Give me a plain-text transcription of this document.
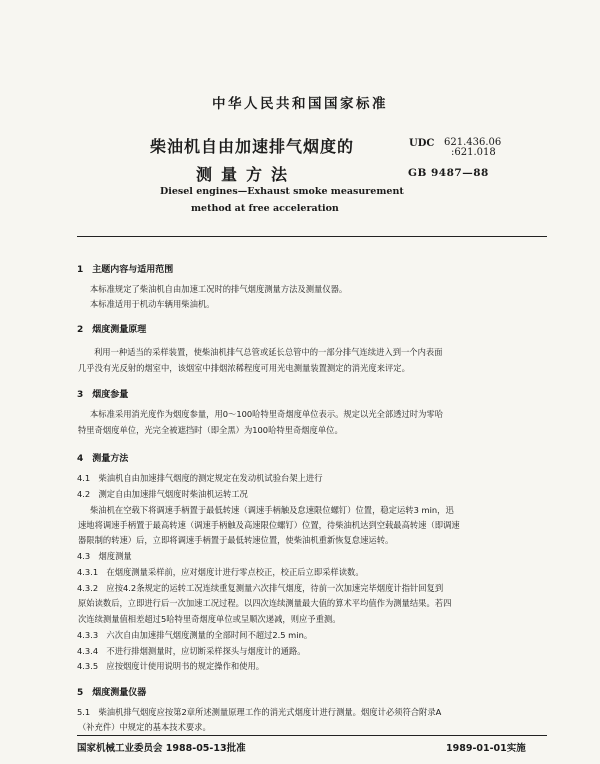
中华人民共和国国家标准
柴油机自由加速排气烟度的
测量方法
UDC 621.436.06
:621.018
GB 9487—88
Diesel engines—Exhaust smoke measurement
method at free acceleration
1　主题内容与适用范围
本标准规定了柴油机自由加速工况时的排气烟度测量方法及测量仪器。
本标准适用于机动车辆用柴油机。
2　烟度测量原理
利用一种适当的采样装置，使柴油机排气总管或延长总管中的一部分排气连续进入到一个内表面
几乎没有光反射的烟室中，该烟室中排烟浓稀程度可用光电测量装置测定的消光度来评定。
3　烟度参量
本标准采用消光度作为烟度参量，用0～100哈特里奇烟度单位表示。规定以光全部透过时为零哈
特里奇烟度单位，光完全被遮挡时（即全黑）为100哈特里奇烟度单位。
4　测量方法
4.1　柴油机自由加速排气烟度的测定规定在发动机试验台架上进行
4.2　测定自由加速排气烟度时柴油机运转工况
柴油机在空载下将调速手柄置于最低转速（调速手柄触及怠速限位螺钉）位置，稳定运转3 min，迅
速地将调速手柄置于最高转速（调速手柄触及高速限位螺钉）位置，待柴油机达到空载最高转速（即调速
器限制的转速）后，立即将调速手柄置于最低转速位置，使柴油机重新恢复怠速运转。
4.3　烟度测量
4.3.1　在烟度测量采样前，应对烟度计进行零点校正，校正后立即采样读数。
4.3.2　应按4.2条规定的运转工况连续重复测量六次排气烟度，待前一次加速完毕烟度计指针回复到
原始读数后，立即进行后一次加速工况过程。以四次连续测量最大值的算术平均值作为测量结果。若四
次连续测量值相差超过5哈特里奇烟度单位或呈顺次递减，则应予重测。
4.3.3　六次自由加速排气烟度测量的全部时间不超过2.5 min。
4.3.4　不进行排烟测量时，应切断采样探头与烟度计的通路。
4.3.5　应按烟度计使用说明书的规定操作和使用。
5　烟度测量仪器
5.1　柴油机排气烟度应按第2章所述测量原理工作的消光式烟度计进行测量。烟度计必须符合附录A
（补充件）中规定的基本技术要求。
国家机械工业委员会 1988-05-13批准	1989-01-01实施
